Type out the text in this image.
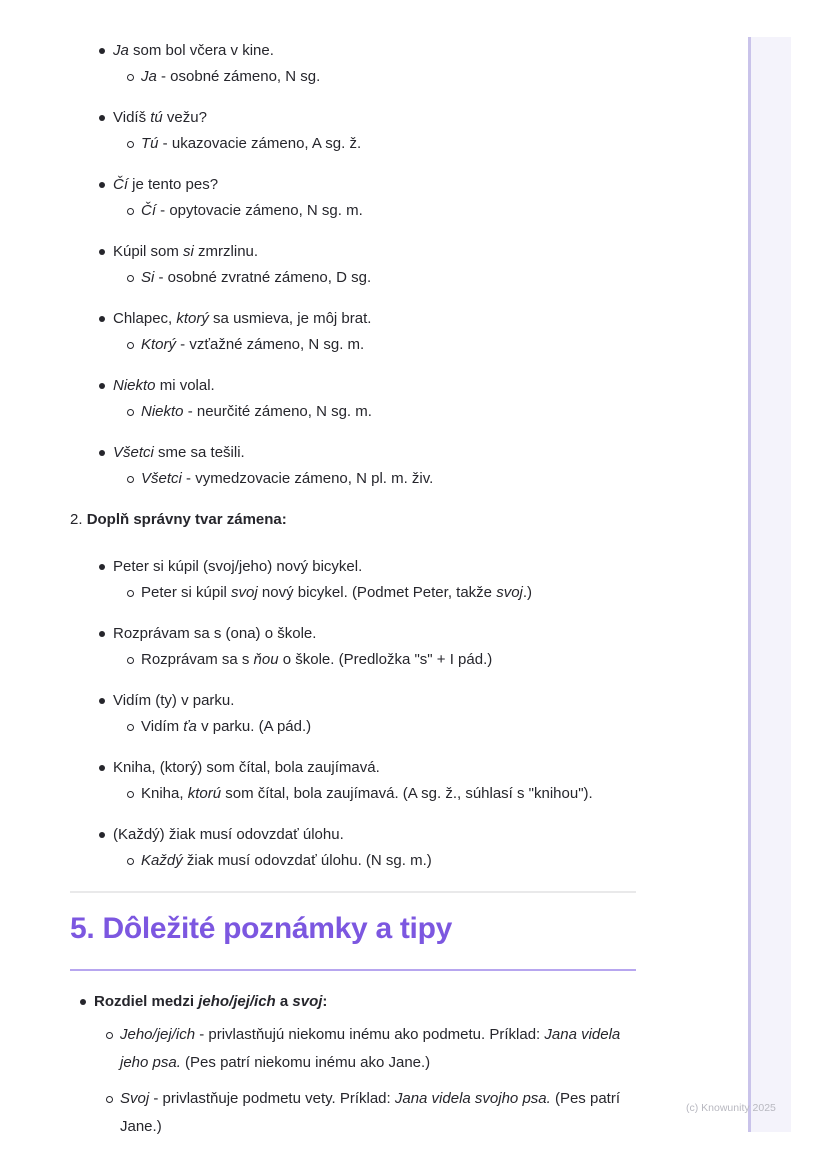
Ja som bol včera v kine.
Ja - osobné zámeno, N sg.
Vidíš tú vežu?
Tú - ukazovacie zámeno, A sg. ž.
Čí je tento pes?
Čí - opytovacie zámeno, N sg. m.
Kúpil som si zmrzlinu.
Si - osobné zvratné zámeno, D sg.
Chlapec, ktorý sa usmieva, je môj brat.
Ktorý - vzťažné zámeno, N sg. m.
Niekto mi volal.
Niekto - neurčité zámeno, N sg. m.
Všetci sme sa tešili.
Všetci - vymedzovacie zámeno, N pl. m. živ.

2. Doplň správny tvar zámena:

Peter si kúpil (svoj/jeho) nový bicykel.
Peter si kúpil svoj nový bicykel. (Podmet Peter, takže svoj.)
Rozprávam sa s (ona) o škole.
Rozprávam sa s ňou o škole. (Predložka "s" + I pád.)
Vidím (ty) v parku.
Vidím ťa v parku. (A pád.)
Kniha, (ktorý) som čítal, bola zaujímavá.
Kniha, ktorú som čítal, bola zaujímavá. (A sg. ž., súhlasí s "knihou").
(Každý) žiak musí odovzdať úlohu.
Každý žiak musí odovzdať úlohu. (N sg. m.)
5. Dôležité poznámky a tipy
Rozdiel medzi jeho/jej/ich a svoj:
Jeho/jej/ich - privlastňujú niekomu inému ako podmetu. Príklad: Jana videla jeho psa. (Pes patrí niekomu inému ako Jane.)
Svoj - privlastňuje podmetu vety. Príklad: Jana videla svojho psa. (Pes patrí Jane.)
(c) Knowunity 2025
